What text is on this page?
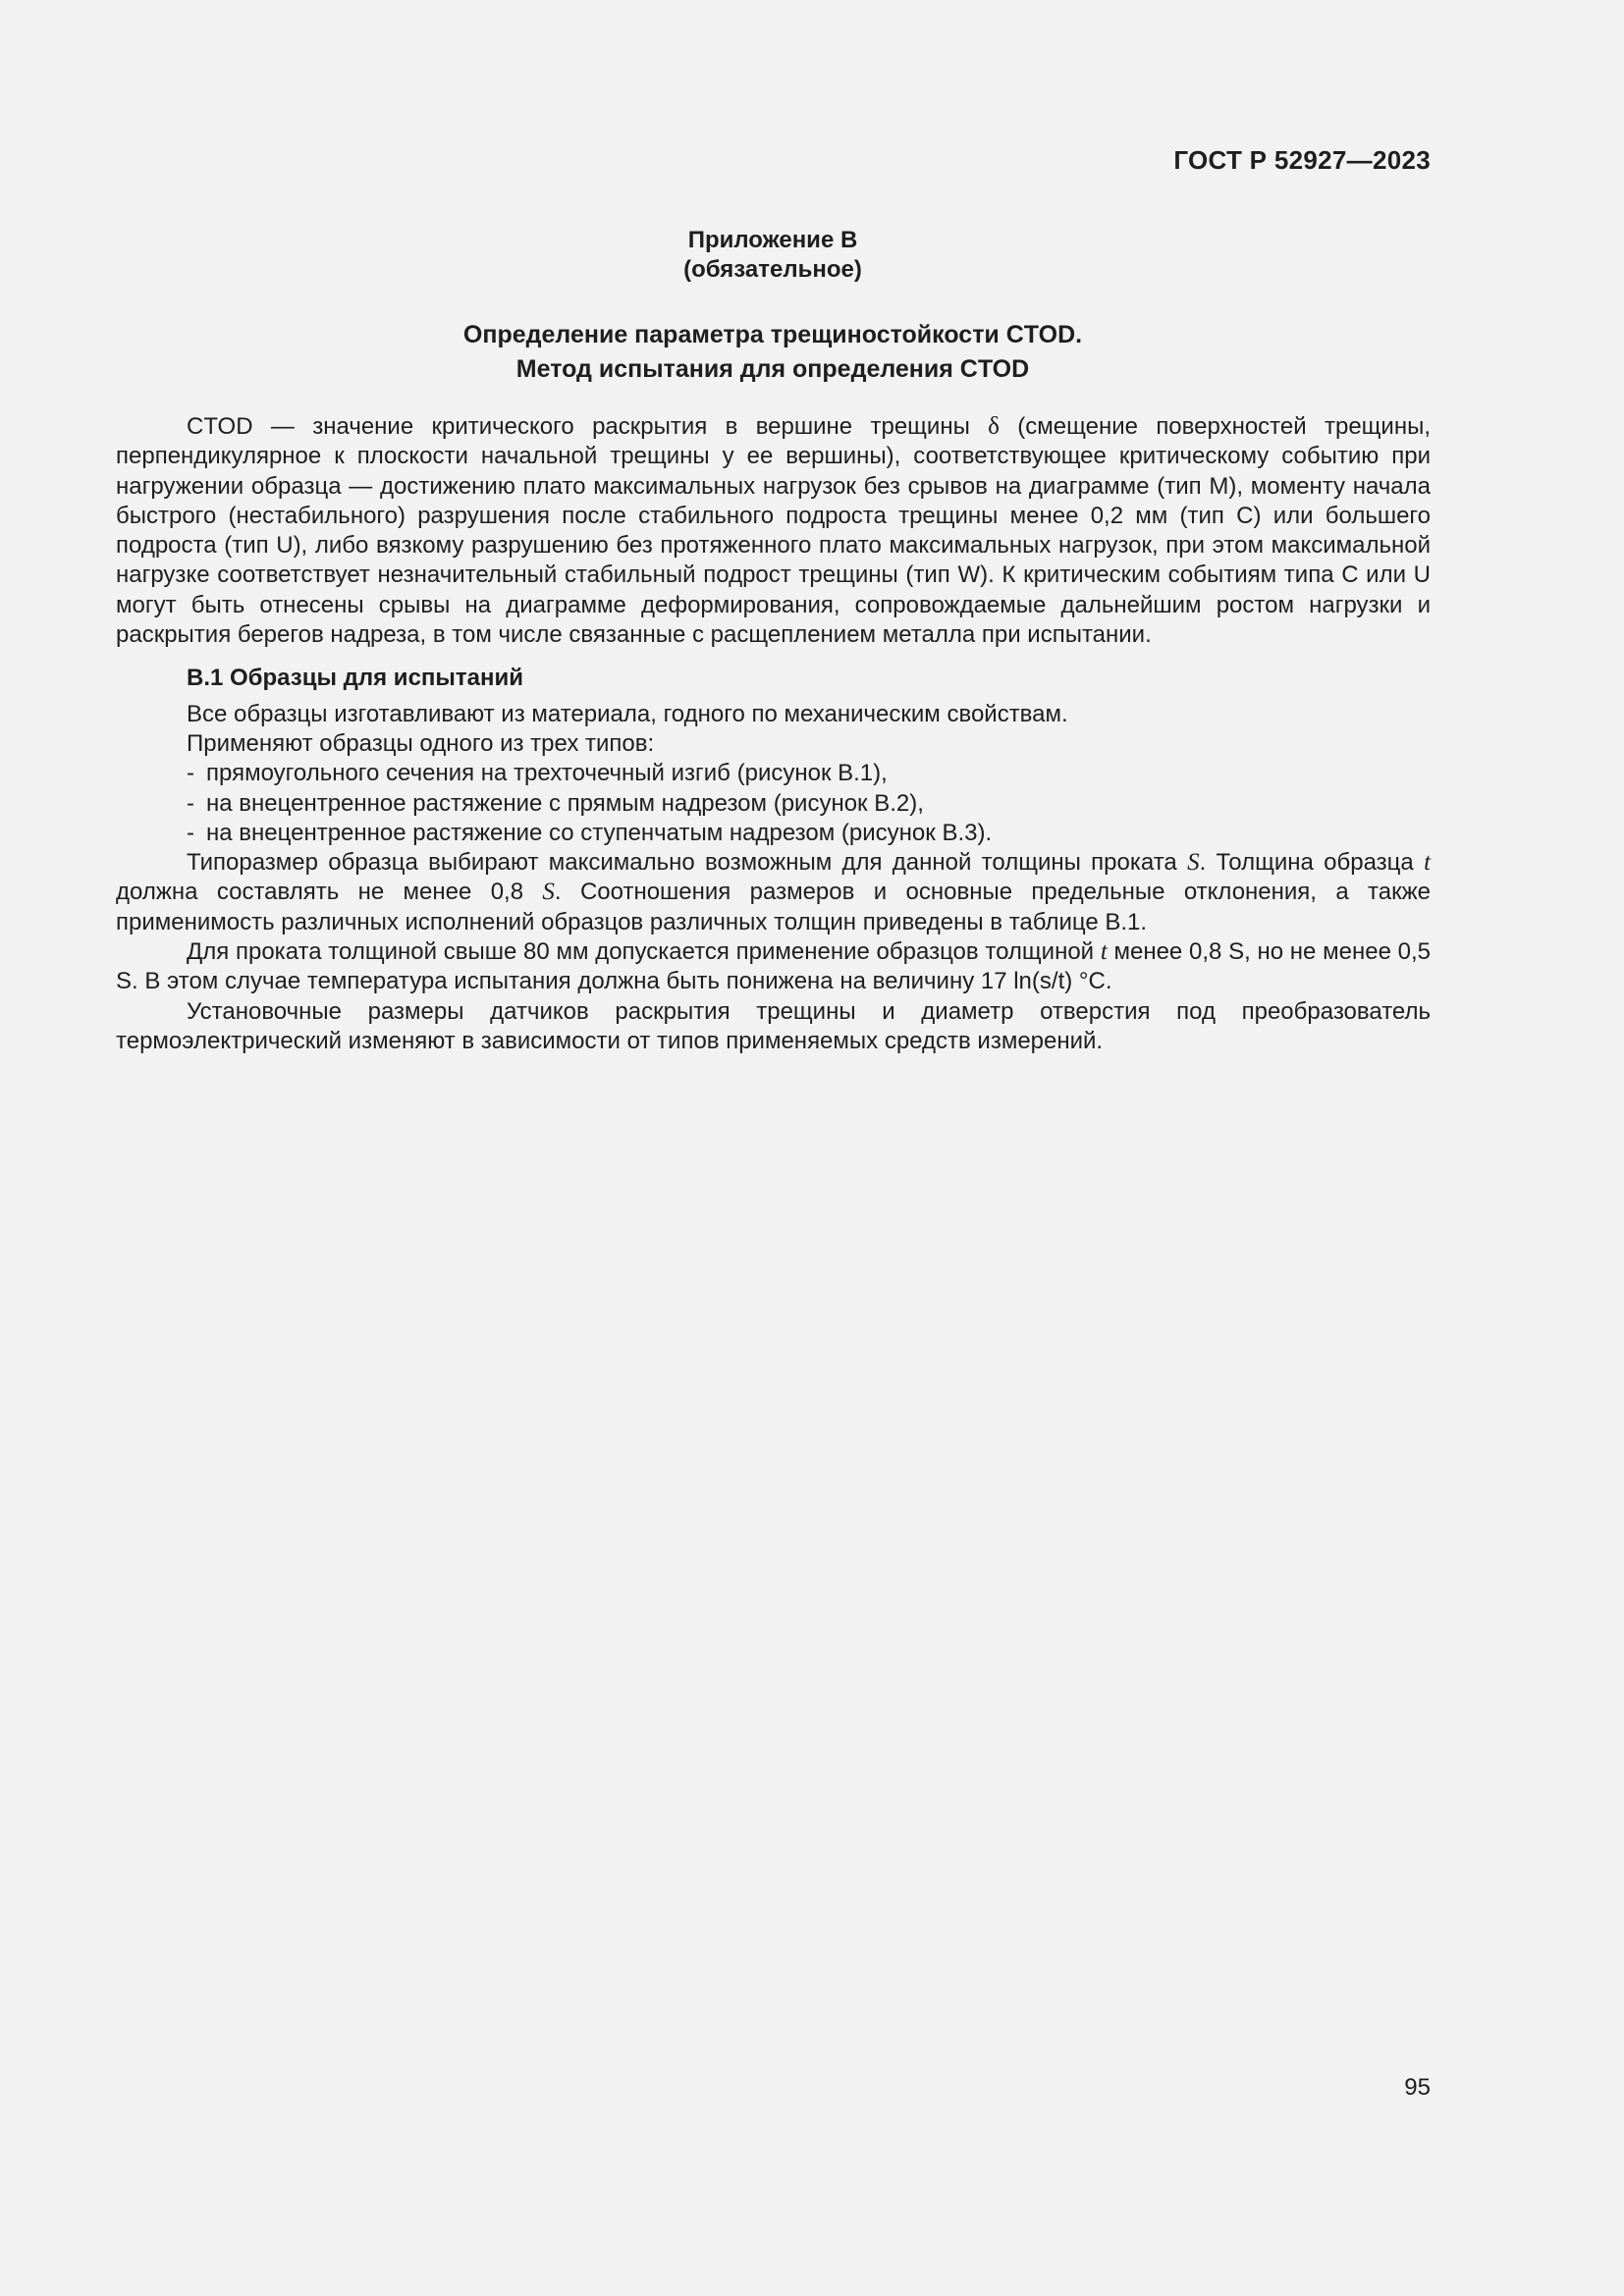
ГОСТ Р 52927—2023
Приложение В
(обязательное)
Определение параметра трещиностойкости CTOD.
Метод испытания для определения CTOD

CTOD — значение критического раскрытия в вершине трещины δ (смещение поверхностей трещины, перпендикулярное к плоскости начальной трещины у ее вершины), соответствующее критическому событию при нагружении образца — достижению плато максимальных нагрузок без срывов на диаграмме (тип М), моменту начала быстрого (нестабильного) разрушения после стабильного подроста трещины менее 0,2 мм (тип С) или большего подроста (тип U), либо вязкому разрушению без протяженного плато максимальных нагрузок, при этом максимальной нагрузке соответствует незначительный стабильный подрост трещины (тип W). К критическим событиям типа С или U могут быть отнесены срывы на диаграмме деформирования, сопровождаемые дальнейшим ростом нагрузки и раскрытия берегов надреза, в том числе связанные с расщеплением металла при испытании.

В.1 Образцы для испытаний

Все образцы изготавливают из материала, годного по механическим свойствам.

Применяют образцы одного из трех типов:

- прямоугольного сечения на трехточечный изгиб (рисунок В.1),

- на внецентренное растяжение с прямым надрезом (рисунок В.2),

- на внецентренное растяжение со ступенчатым надрезом (рисунок В.3).

Типоразмер образца выбирают максимально возможным для данной толщины проката S. Толщина образца t должна составлять не менее 0,8 S. Соотношения размеров и основные предельные отклонения, а также применимость различных исполнений образцов различных толщин приведены в таблице В.1.

Для проката толщиной свыше 80 мм допускается применение образцов толщиной t менее 0,8 S, но не менее 0,5 S. В этом случае температура испытания должна быть понижена на величину 17 ln(s/t) °С.

Установочные размеры датчиков раскрытия трещины и диаметр отверстия под преобразователь термоэлектрический изменяют в зависимости от типов применяемых средств измерений.

95
